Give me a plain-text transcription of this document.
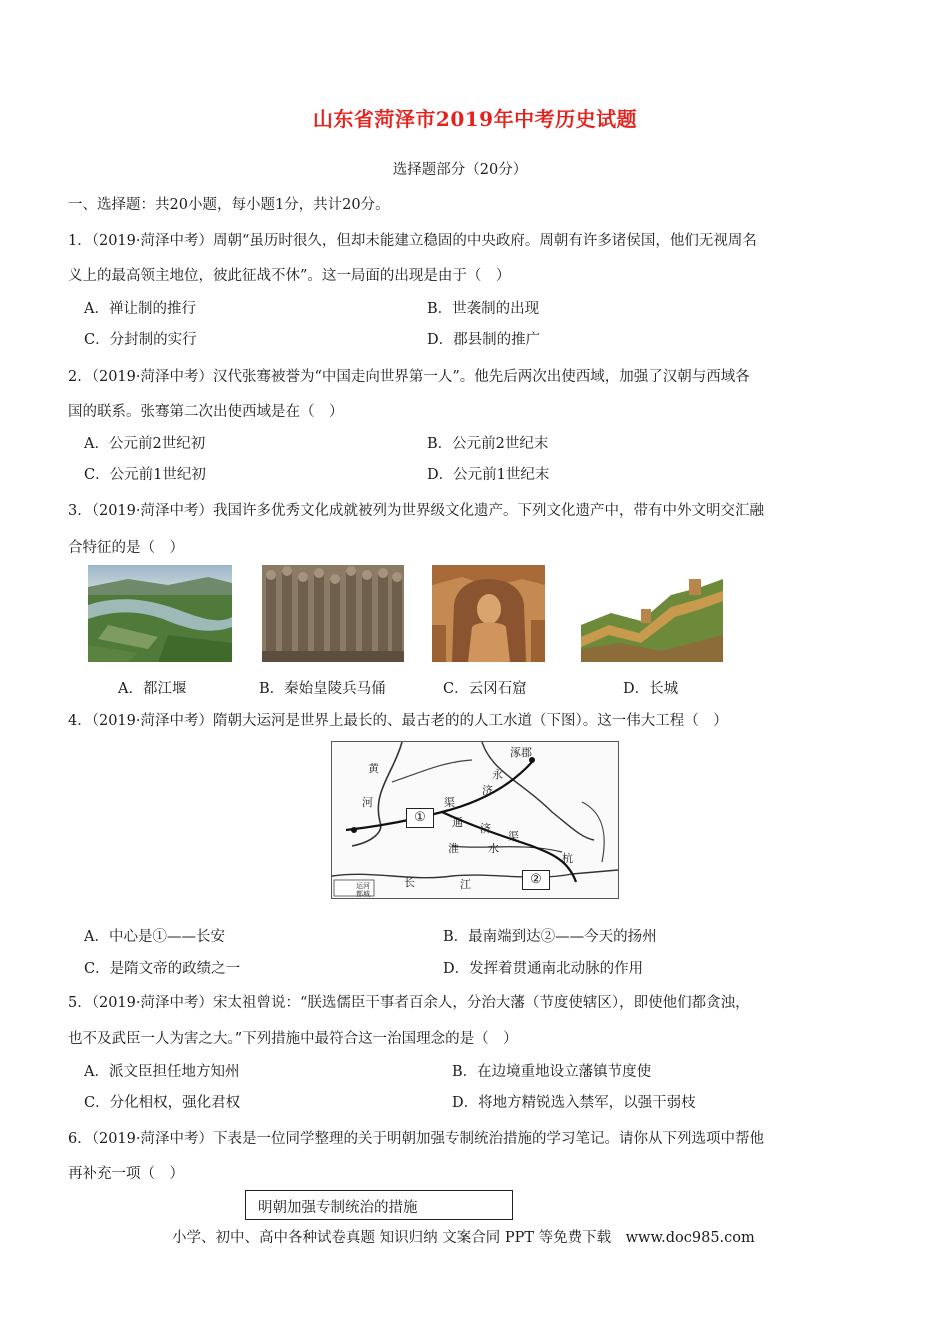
山东省菏泽市2019年中考历史试题
选择题部分（20分）
一、选择题：共20小题，每小题1分，共计20分。
1．（2019·菏泽中考）周朝“虽历时很久，但却未能建立稳固的中央政府。周朝有许多诸侯国，他们无视周名
义上的最高领主地位，彼此征战不休”。这一局面的出现是由于（　）
A．禅让制的推行	B．世袭制的出现
C．分封制的实行	D．郡县制的推广
2．（2019·菏泽中考）汉代张骞被誉为“中国走向世界第一人”。他先后两次出使西域，加强了汉朝与西域各
国的联系。张骞第二次出使西域是在（　）
A．公元前2世纪初	B．公元前2世纪末
C．公元前1世纪初	D．公元前1世纪末
3．（2019·菏泽中考）我国许多优秀文化成就被列为世界级文化遗产。下列文化遗产中，带有中外文明交汇融
合特征的是（　）
A．都江堰	B．秦始皇陵兵马俑	C．云冈石窟	D．长城
4．（2019·菏泽中考）隋朝大运河是世界上最长的、最古老的的人工水道（下图）。这一伟大工程（　）
①
②
涿郡
黄
河
永
济
渠
通 济
渠
淮	水
长	江
杭
运河
都城
A．中心是①——长安	B．最南端到达②——今天的扬州
C．是隋文帝的政绩之一	D．发挥着贯通南北动脉的作用
5．（2019·菏泽中考）宋太祖曾说：“朕选儒臣干事者百余人，分治大藩（节度使辖区），即使他们都贪浊，
也不及武臣一人为害之大。”下列措施中最符合这一治国理念的是（　）
A．派文臣担任地方知州	B．在边境重地设立藩镇节度使
C．分化相权，强化君权	D．将地方精锐选入禁军，以强干弱枝
6．（2019·菏泽中考）下表是一位同学整理的关于明朝加强专制统治措施的学习笔记。请你从下列选项中帮他
再补充一项（　）
明朝加强专制统治的措施
小学、初中、高中各种试卷真题 知识归纳 文案合同 PPT 等免费下载　www.doc985.com
